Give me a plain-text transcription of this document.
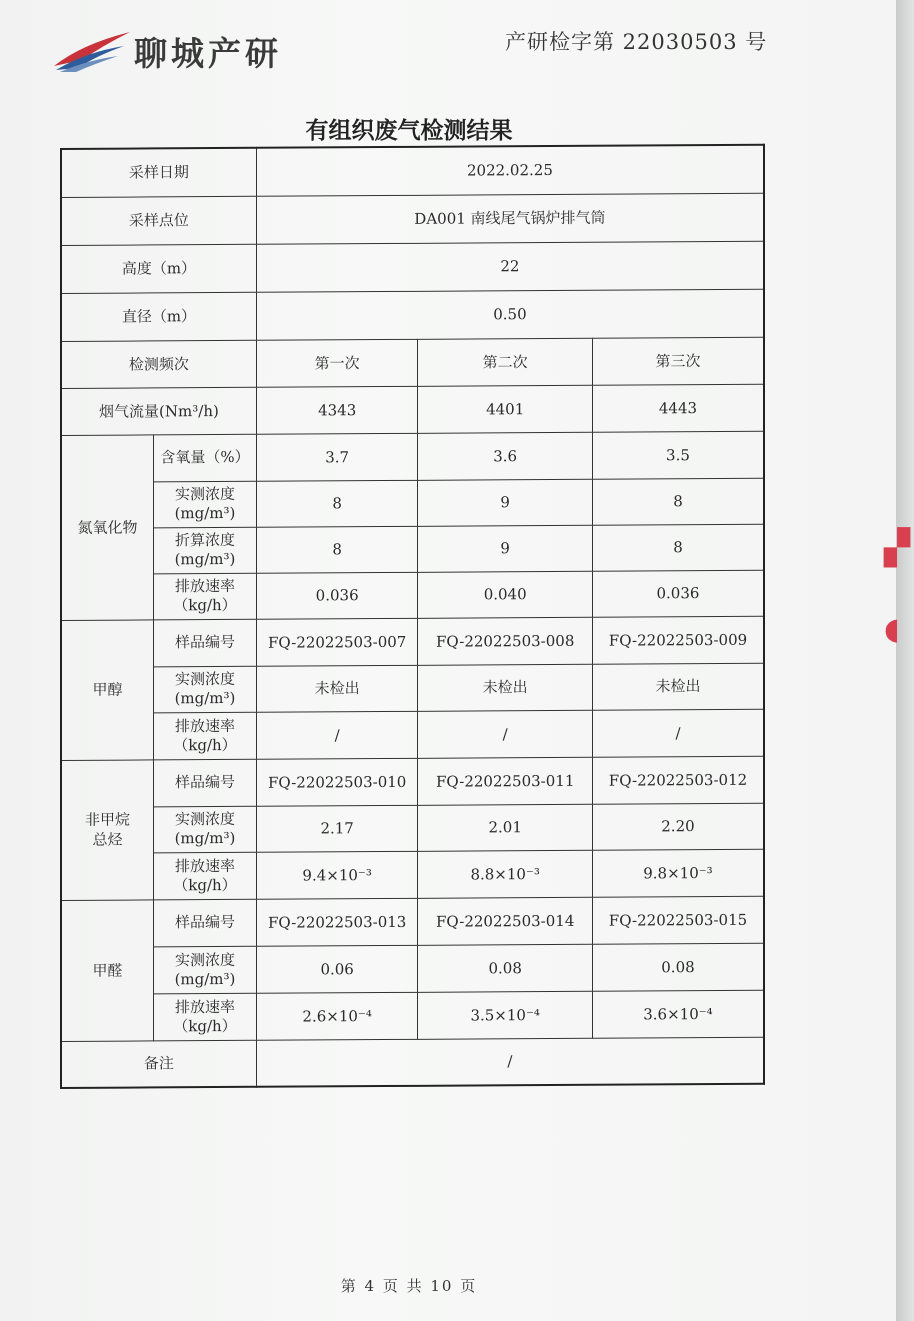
聊城产研	产研检字第 22030503 号
有组织废气检测结果
采样日期		2022.02.25		
采样点位		DA001 南线尾气锅炉排气筒		
高度（m）		22		
直径（m）		0.50		
检测频次		第一次	第二次	第三次
烟气流量(Nm³/h)		4343	4401	4443
氮氧化物	含氧量（%）	3.7	3.6	3.5
	实测浓度
(mg/m³)	8	9	8
	折算浓度
(mg/m³)	8	9	8
	排放速率
（kg/h）	0.036	0.040	0.036
甲醇	样品编号	FQ-22022503-007	FQ-22022503-008	FQ-22022503-009
	实测浓度
(mg/m³)	未检出	未检出	未检出
	排放速率
（kg/h）	/	/	/
非甲烷
总烃	样品编号	FQ-22022503-010	FQ-22022503-011	FQ-22022503-012
	实测浓度
(mg/m³)	2.17	2.01	2.20
	排放速率
（kg/h）	9.4×10⁻³	8.8×10⁻³	9.8×10⁻³
甲醛	样品编号	FQ-22022503-013	FQ-22022503-014	FQ-22022503-015
	实测浓度
(mg/m³)	0.06	0.08	0.08
	排放速率
（kg/h）	2.6×10⁻⁴	3.5×10⁻⁴	3.6×10⁻⁴
备注		/		
第 4 页 共 10 页
▞
◖
